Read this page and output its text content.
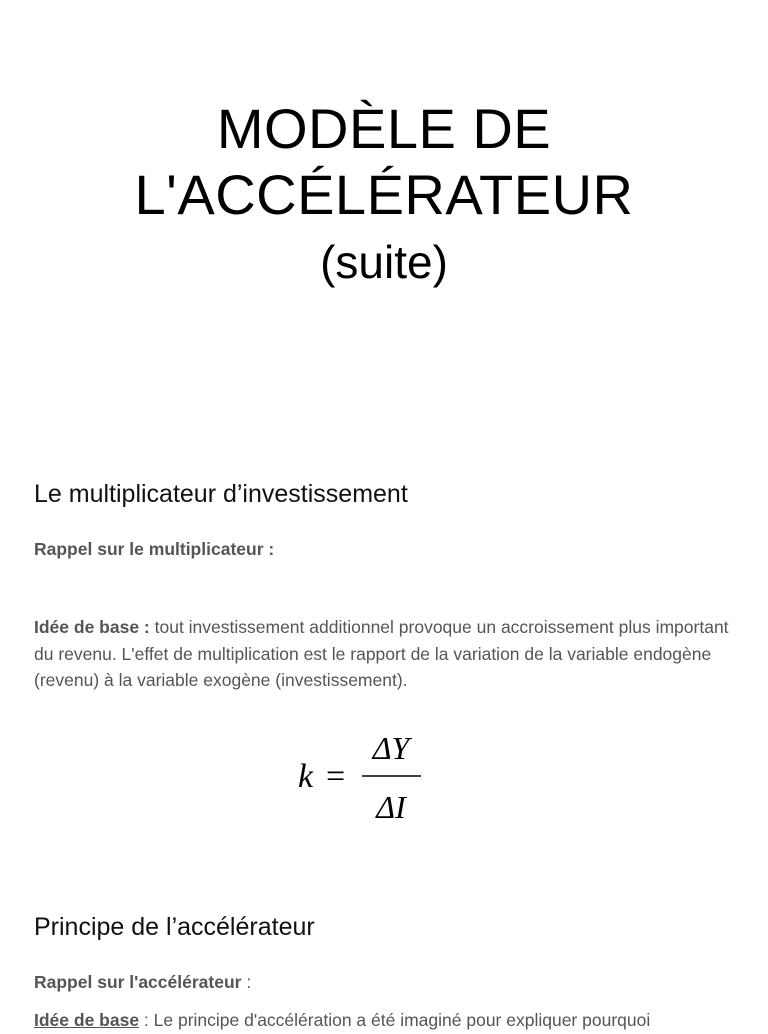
MODÈLE DE
L'ACCÉLÉRATEUR
(suite)
Le multiplicateur d’investissement

Rappel sur le multiplicateur :

Idée de base : tout investissement additionnel provoque un accroissement plus important du revenu. L'effet de multiplication est le rapport de la variation de la variable endogène (revenu) à la variable exogène (investissement).

k =
ΔY
ΔI
Principe de l’accélérateur

Rappel sur l'accélérateur :

Idée de base : Le principe d'accélération a été imaginé pour expliquer pourquoi
